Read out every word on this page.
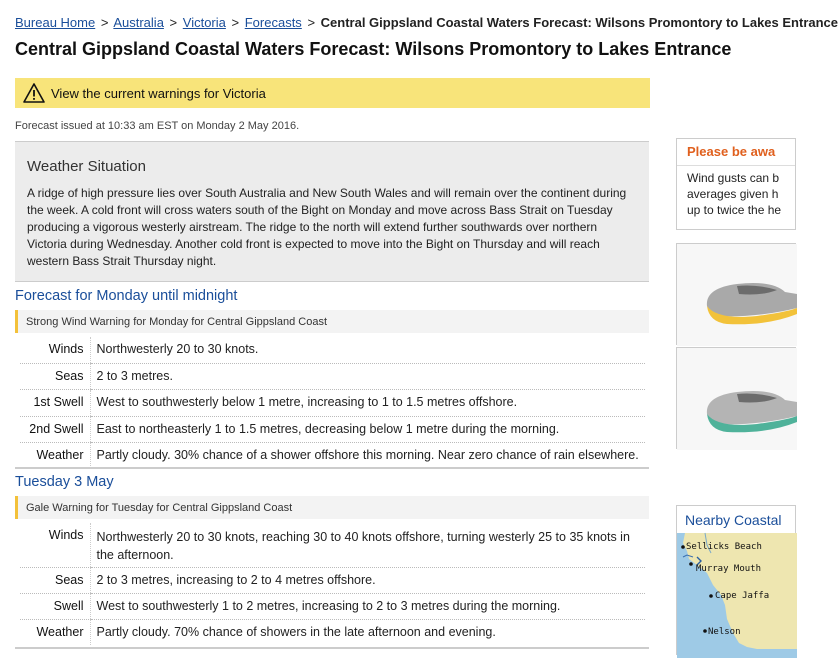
Bureau Home > Australia > Victoria > Forecasts > Central Gippsland Coastal Waters Forecast: Wilsons Promontory to Lakes Entrance
Central Gippsland Coastal Waters Forecast: Wilsons Promontory to Lakes Entrance
View the current warnings for Victoria
Forecast issued at 10:33 am EST on Monday 2 May 2016.
Weather Situation

A ridge of high pressure lies over South Australia and New South Wales and will remain over the continent during the week. A cold front will cross waters south of the Bight on Monday and move across Bass Strait on Tuesday producing a vigorous westerly airstream. The ridge to the north will extend further southwards over northern Victoria during Wednesday. Another cold front is expected to move into the Bight on Thursday and will reach western Bass Strait Thursday night.

Forecast for Monday until midnight
Strong Wind Warning for Monday for Central Gippsland Coast
Winds	Northwesterly 20 to 30 knots.
Seas	2 to 3 metres.
1st Swell	West to southwesterly below 1 metre, increasing to 1 to 1.5 metres offshore.
2nd Swell	East to northeasterly 1 to 1.5 metres, decreasing below 1 metre during the morning.
Weather	Partly cloudy. 30% chance of a shower offshore this morning. Near zero chance of rain elsewhere.
Tuesday 3 May
Gale Warning for Tuesday for Central Gippsland Coast
Winds	Northwesterly 20 to 30 knots, reaching 30 to 40 knots offshore, turning westerly 25 to 35 knots in the afternoon.
Seas	2 to 3 metres, increasing to 2 to 4 metres offshore.
Swell	West to southwesterly 1 to 2 metres, increasing to 2 to 3 metres during the morning.
Weather	Partly cloudy. 70% chance of showers in the late afternoon and evening.
Please be awa
Wind gusts can b
averages given h
up to twice the he
Nearby Coastal
Sellicks Beach
Murray Mouth
Cape Jaffa
Nelson
